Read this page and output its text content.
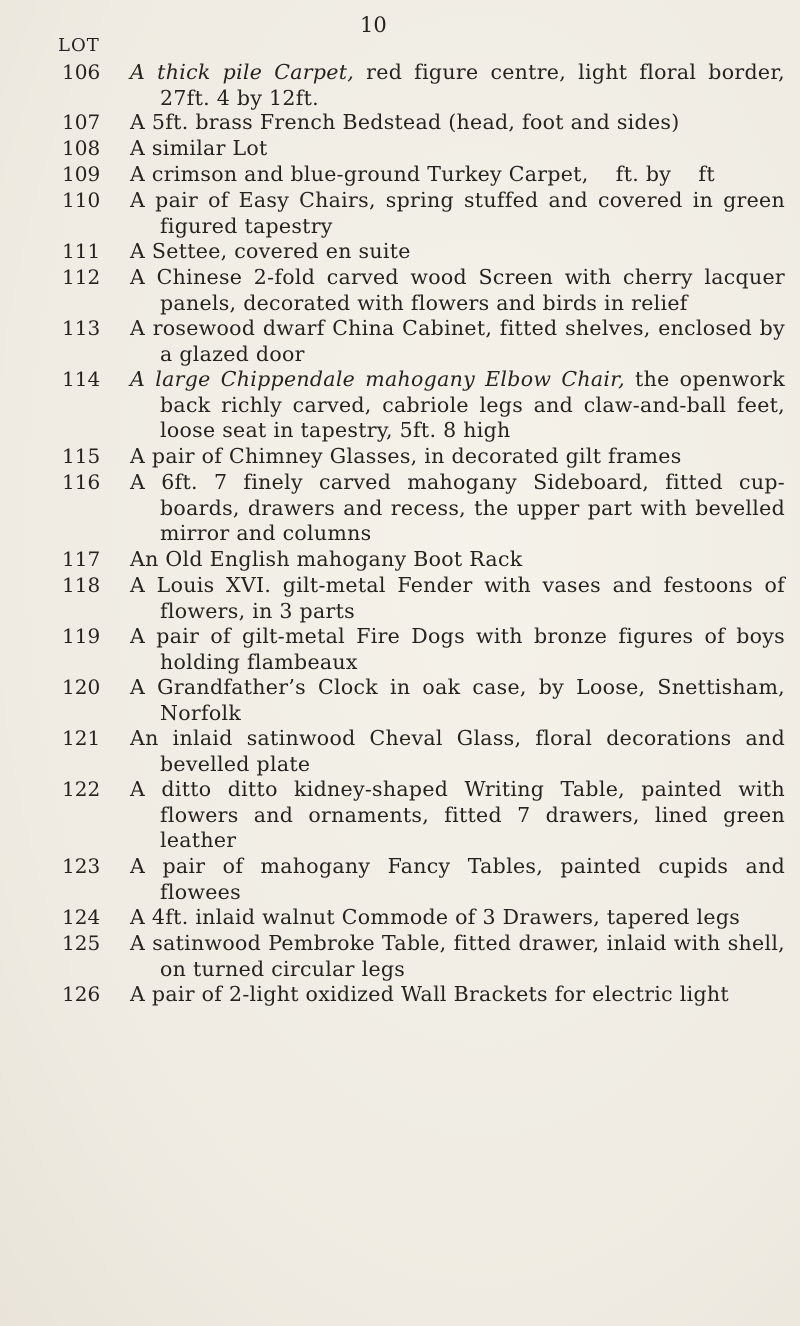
10
LOT
106 A thick pile Carpet, red figure centre, light floral border, 27ft. 4 by 12ft.
107 A 5ft. brass French Bedstead (head, foot and sides)
108 A similar Lot
109 A crimson and blue-ground Turkey Carpet,    ft. by    ft
110 A pair of Easy Chairs, spring stuffed and covered in green figured tapestry
111 A Settee, covered en suite
112 A Chinese 2-fold carved wood Screen with cherry lacquer panels, decorated with flowers and birds in relief
113 A rosewood dwarf China Cabinet, fitted shelves, enclosed by a glazed door
114 A large Chippendale mahogany Elbow Chair, the openwork back richly carved, cabriole legs and claw-and-ball feet, loose seat in tapestry, 5ft. 8 high
115 A pair of Chimney Glasses, in decorated gilt frames
116 A 6ft. 7 finely carved mahogany Sideboard, fitted cup-boards, drawers and recess, the upper part with bevelled mirror and columns
117 An Old English mahogany Boot Rack
118 A Louis XVI. gilt-metal Fender with vases and festoons of flowers, in 3 parts
119 A pair of gilt-metal Fire Dogs with bronze figures of boys holding flambeaux
120 A Grandfather’s Clock in oak case, by Loose, Snettisham, Norfolk
121 An inlaid satinwood Cheval Glass, floral decorations and bevelled plate
122 A ditto ditto kidney-shaped Writing Table, painted with flowers and ornaments, fitted 7 drawers, lined green leather
123 A pair of mahogany Fancy Tables, painted cupids and flowees
124 A 4ft. inlaid walnut Commode of 3 Drawers, tapered legs
125 A satinwood Pembroke Table, fitted drawer, inlaid with shell, on turned circular legs
126 A pair of 2-light oxidized Wall Brackets for electric light
